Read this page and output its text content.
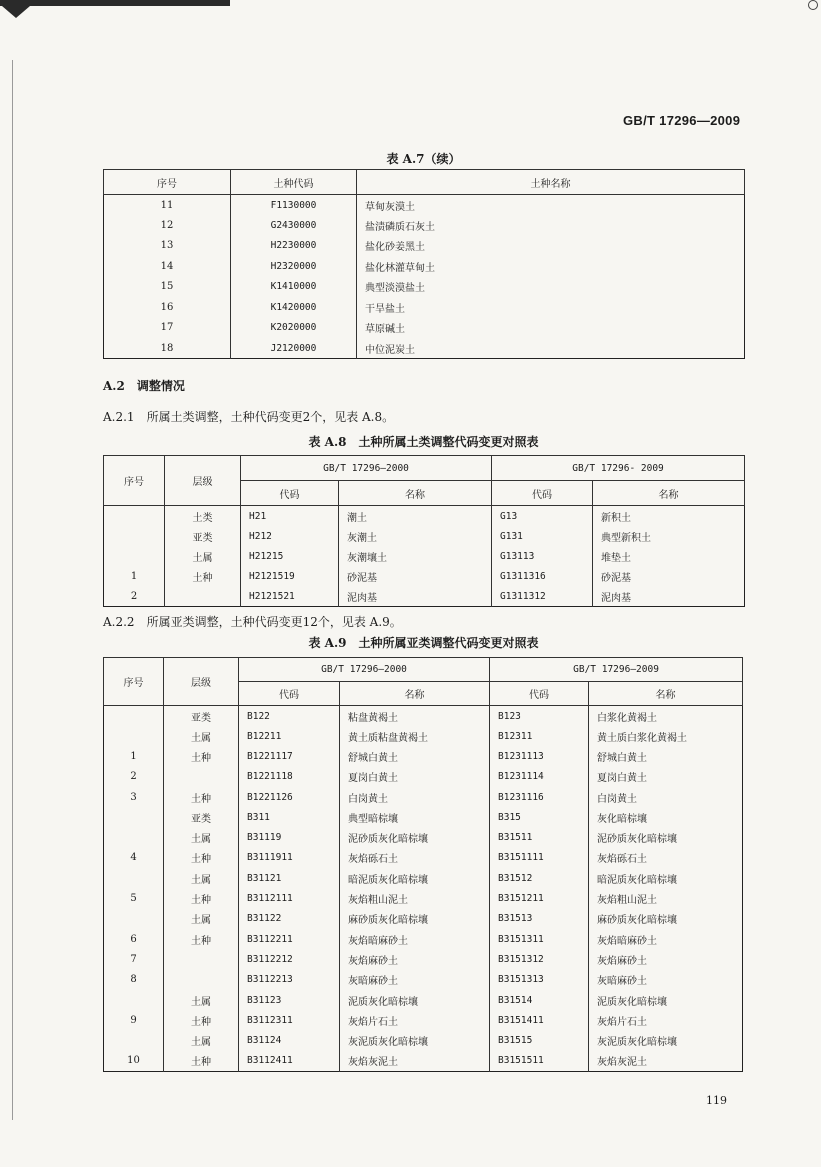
GB/T 17296—2009
表 A.7（续）
序号	土种代码	土种名称
11	F1130000	草甸灰漠土
12	G2430000	盐渍磷质石灰土
13	H2230000	盐化砂姜黑土
14	H2320000	盐化林灌草甸土
15	K1410000	典型淡漠盐土
16	K1420000	干旱盐土
17	K2020000	草原碱土
18	J2120000	中位泥炭土
A.2　调整情况
A.2.1　所属土类调整，土种代码变更2个，见表 A.8。
表 A.8　土种所属土类调整代码变更对照表
序号	层级	GB/T 17296—2000		GB/T 17296- 2009	
		代码	名称	代码	名称
	土类	H21	潮土	G13	新积土
	亚类	H212	灰潮土	G131	典型新积土
	土属	H21215	灰潮壤土	G13113	堆垫土
1	土种	H2121519	砂泥基	G1311316	砂泥基
2		H2121521	泥肉基	G1311312	泥肉基
A.2.2　所属亚类调整，土种代码变更12个，见表 A.9。
表 A.9　土种所属亚类调整代码变更对照表
序号	层级	GB/T 17296—2000		GB/T 17296—2009	
		代码	名称	代码	名称
	亚类	B122	粘盘黄褐土	B123	白浆化黄褐土
	土属	B12211	黄土质粘盘黄褐土	B12311	黄土质白浆化黄褐土
1	土种	B1221117	舒城白黄土	B1231113	舒城白黄土
2		B1221118	夏岗白黄土	B1231114	夏岗白黄土
3	土种	B1221126	白岗黄土	B1231116	白岗黄土
	亚类	B311	典型暗棕壤	B315	灰化暗棕壤
	土属	B31119	泥砂质灰化暗棕壤	B31511	泥砂质灰化暗棕壤
4	土种	B3111911	灰焰砾石土	B3151111	灰焰砾石土
	土属	B31121	暗泥质灰化暗棕壤	B31512	暗泥质灰化暗棕壤
5	土种	B3112111	灰焰粗山泥土	B3151211	灰焰粗山泥土
	土属	B31122	麻砂质灰化暗棕壤	B31513	麻砂质灰化暗棕壤
6	土种	B3112211	灰焰暗麻砂土	B3151311	灰焰暗麻砂土
7		B3112212	灰焰麻砂土	B3151312	灰焰麻砂土
8		B3112213	灰暗麻砂土	B3151313	灰暗麻砂土
	土属	B31123	泥质灰化暗棕壤	B31514	泥质灰化暗棕壤
9	土种	B3112311	灰焰片石土	B3151411	灰焰片石土
	土属	B31124	灰泥质灰化暗棕壤	B31515	灰泥质灰化暗棕壤
10	土种	B3112411	灰焰灰泥土	B3151511	灰焰灰泥土
119
